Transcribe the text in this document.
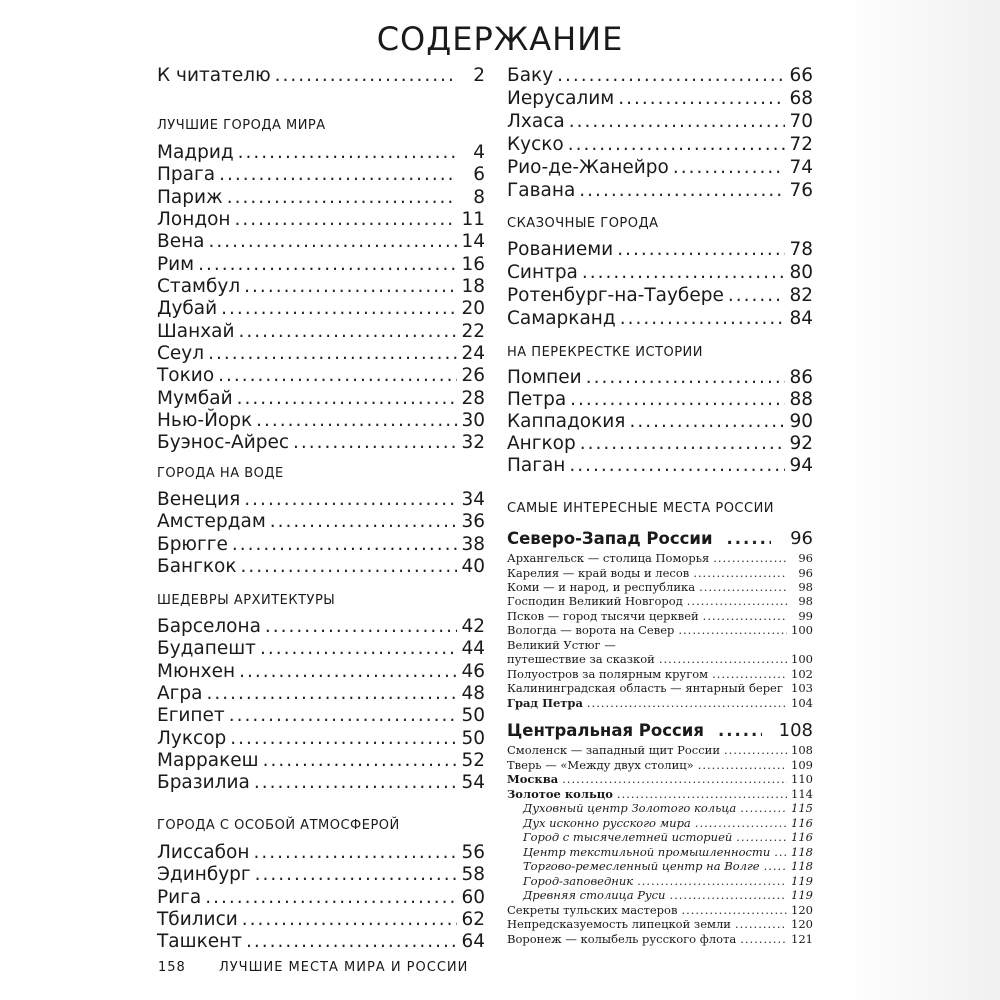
СОДЕРЖАНИЕ
К читателю .....	2
ЛУЧШИЕ ГОРОДА МИРА
Мадрид .....	4
Прага .....	6
Париж .....	8
Лондон .....	11
Вена .....	14
Рим .....	16
Стамбул .....	18
Дубай .....	20
Шанхай .....	22
Сеул .....	24
Токио .....	26
Мумбай .....	28
Нью-Йорк .....	30
Буэнос-Айрес .....	32
ГОРОДА НА ВОДЕ
Венеция .....	34
Амстердам .....	36
Брюгге .....	38
Бангкок .....	40
ШЕДЕВРЫ АРХИТЕКТУРЫ
Барселона .....	42
Будапешт .....	44
Мюнхен .....	46
Агра .....	48
Египет .....	50
Луксор .....	50
Марракеш .....	52
Бразилиа .....	54
ГОРОДА С ОСОБОЙ АТМОСФЕРОЙ
Лиссабон .....	56
Эдинбург .....	58
Рига .....	60
Тбилиси .....	62
Ташкент .....	64
Баку .....	66
Иерусалим .....	68
Лхаса .....	70
Куско .....	72
Рио-де-Жанейро .....	74
Гавана .....	76
СКАЗОЧНЫЕ ГОРОДА
Рованиеми .....	78
Синтра .....	80
Ротенбург-на-Таубере .....	82
Самарканд .....	84
НА ПЕРЕКРЕСТКЕ ИСТОРИИ
Помпеи .....	86
Петра .....	88
Каппадокия .....	90
Ангкор .....	92
Паган .....	94
САМЫЕ ИНТЕРЕСНЫЕ МЕСТА РОССИИ
Северо-Запад России .....	96
Архангельск — столица Поморья .....	96
Карелия — край воды и лесов .....	96
Коми — и народ, и республика .....	98
Господин Великий Новгород .....	98
Псков — город тысячи церквей .....	99
Вологда — ворота на Север .....	100
Великий Устюг —
путешествие за сказкой .....	100
Полуостров за полярным кругом .....	102
Калининградская область — янтарный берег ..... 103
Град Петра .....	104
Центральная Россия .....	108
Смоленск — западный щит России .....	108
Тверь — «Между двух столиц» .....	109
Москва .....	110
Золотое кольцо .....	114
Духовный центр Золотого кольца .....	115
Дух исконно русского мира .....	116
Город с тысячелетней историей .....	116
Центр текстильной промышленности ..... 118
Торгово-ремесленный центр на Волге .....	118
Город-заповедник .....	119
Древняя столица Руси .....	119
Секреты тульских мастеров .....	120
Непредсказуемость липецкой земли .....	120
Воронеж — колыбель русского флота .....	121
158	ЛУЧШИЕ МЕСТА МИРА И РОССИИ
